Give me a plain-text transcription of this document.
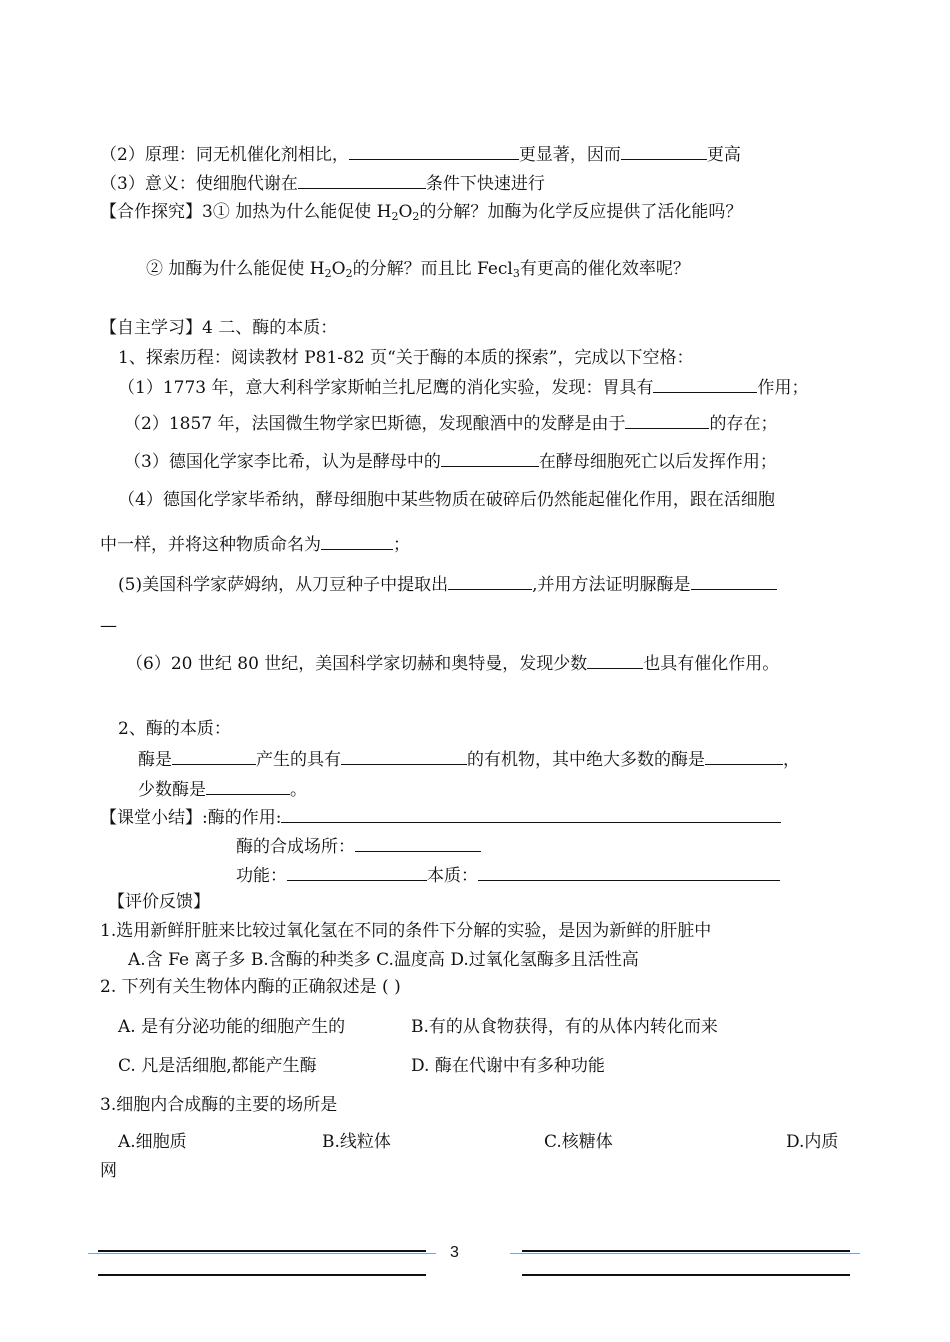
（2）原理：同无机催化剂相比，	更显著，因而	更高
（3）意义：使细胞代谢在	条件下快速进行
【合作探究】3① 加热为什么能促使 $H_2O_2$的分解？加酶为化学反应提供了活化能吗？
② 加酶为什么能促使 $H_2O_2$的分解？而且比 Fecl$_3$有更高的催化效率呢？
【自主学习】4 二、酶的本质：
1、探索历程：阅读教材 P81-82 页“关于酶的本质的探索”，完成以下空格：
（1）1773 年，意大利科学家斯帕兰扎尼鹰的消化实验，发现：胃具有	作用；
（2）1857 年，法国微生物学家巴斯德，发现酿酒中的发酵是由于	的存在；
（3）德国化学家李比希，认为是酵母中的	在酵母细胞死亡以后发挥作用；
（4）德国化学家毕希纳，酵母细胞中某些物质在破碎后仍然能起催化作用，跟在活细胞
中一样，并将这种物质命名为	；
(5)美国科学家萨姆纳，从刀豆种子中提取出	,并用方法证明脲酶是
—
（6）20 世纪 80 世纪，美国科学家切赫和奥特曼，发现少数	也具有催化作用。
2、酶的本质：
酶是	产生的具有	的有机物，其中绝大多数的酶是	，
少数酶是	。
【课堂小结】:酶的作用:
酶的合成场所：
功能：	本质：
【评价反馈】
1.选用新鲜肝脏来比较过氧化氢在不同的条件下分解的实验，是因为新鲜的肝脏中
A.含 Fe 离子多 B.含酶的种类多 C.温度高 D.过氧化氢酶多且活性高
2. 下列有关生物体内酶的正确叙述是 ( )
A. 是有分泌功能的细胞产生的	B.有的从食物获得，有的从体内转化而来
C. 凡是活细胞,都能产生酶	D. 酶在代谢中有多种功能
3.细胞内合成酶的主要的场所是
A.细胞质	B.线粒体	C.核糖体	D.内质
网
3
